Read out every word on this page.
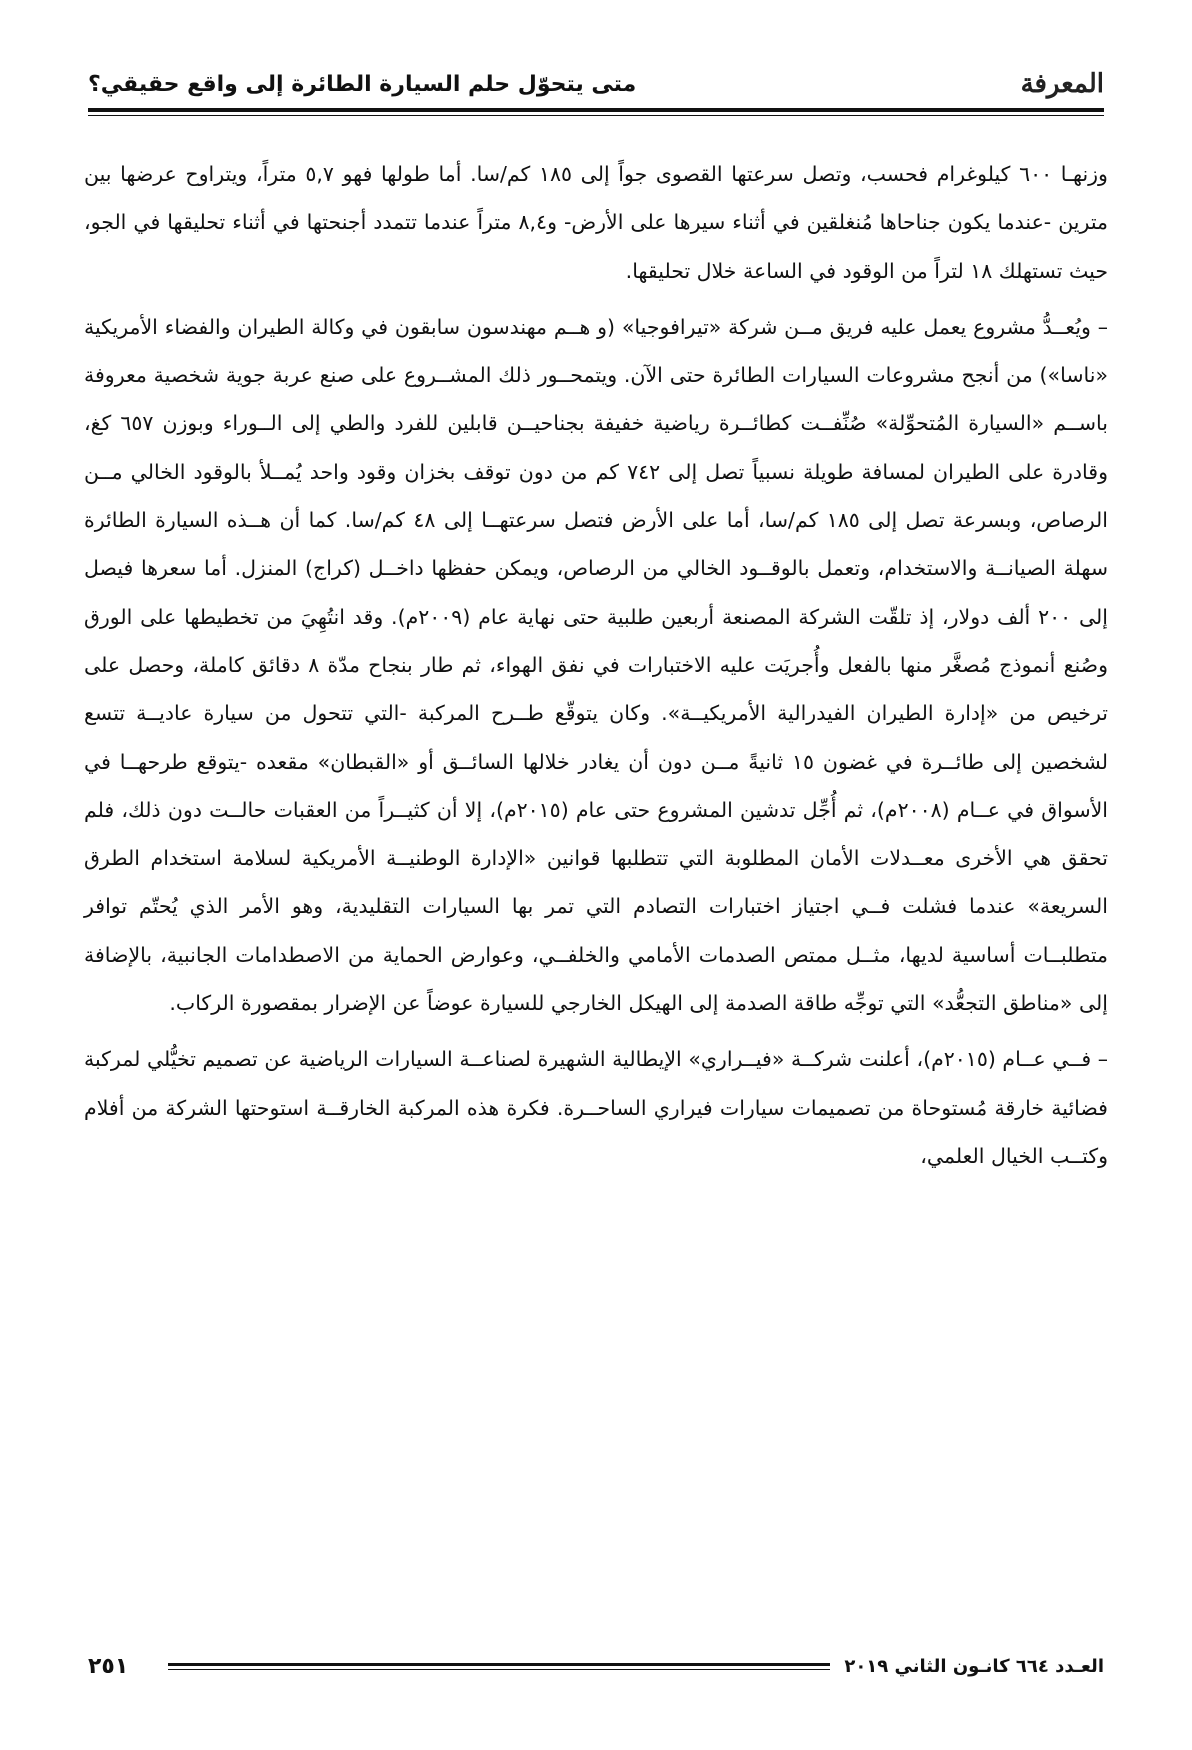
المعرفة
متى يتحوّل حلم السيارة الطائرة إلى واقع حقيقي؟

وزنهـا ٦٠٠ كيلوغرام فحسب، وتصل سرعتها القصوى جواً إلى ١٨٥ كم/سا. أما طولها فهو ٥,٧ متراً، ويتراوح عرضها بين مترين -عندما يكون جناحاها مُنغلقين في أثناء سيرها على الأرض- و٨,٤ متراً عندما تتمدد أجنحتها في أثناء تحليقها في الجو، حيث تستهلك ١٨ لتراً من الوقود في الساعة خلال تحليقها.

– ويُعــدُّ مشروع يعمل عليه فريق مــن شركة «تيرافوجيا» (و هــم مهندسون سابقون في وكالة الطيران والفضاء الأمريكية «ناسا») من أنجح مشروعات السيارات الطائرة حتى الآن. ويتمحــور ذلك المشــروع على صنع عربة جوية شخصية معروفة باســم «السيارة المُتحوِّلة» صُنِّفــت كطائــرة رياضية خفيفة بجناحيــن قابلين للفرد والطي إلى الــوراء وبوزن ٦٥٧ كغ، وقادرة على الطيران لمسافة طويلة نسبياً تصل إلى ٧٤٢ كم من دون توقف بخزان وقود واحد يُمــلأ بالوقود الخالي مــن الرصاص، وبسرعة تصل إلى ١٨٥ كم/سا، أما على الأرض فتصل سرعتهــا إلى ٤٨ كم/سا. كما أن هــذه السيارة الطائرة سهلة الصيانــة والاستخدام، وتعمل بالوقــود الخالي من الرصاص، ويمكن حفظها داخــل (كراج) المنزل. أما سعرها فيصل إلى ٢٠٠ ألف دولار، إذ تلقّت الشركة المصنعة أربعين طلبية حتى نهاية عام (٢٠٠٩م). وقد انتُهِيَ من تخطيطها على الورق وصُنع أنموذج مُصغَّر منها بالفعل وأُجريَت عليه الاختبارات في نفق الهواء، ثم طار بنجاح مدّة ٨ دقائق كاملة، وحصل على ترخيص من «إدارة الطيران الفيدرالية الأمريكيــة». وكان يتوقّع طــرح المركبة -التي تتحول من سيارة عاديــة تتسع لشخصين إلى طائــرة في غضون ١٥ ثانيةً مــن دون أن يغادر خلالها السائــق أو «القبطان» مقعده -يتوقع طرحهــا في الأسواق في عــام (٢٠٠٨م)، ثم أُجِّل تدشين المشروع حتى عام (٢٠١٥م)، إلا أن كثيــراً من العقبات حالــت دون ذلك، فلم تحقق هي الأخرى معــدلات الأمان المطلوبة التي تتطلبها قوانين «الإدارة الوطنيــة الأمريكية لسلامة استخدام الطرق السريعة» عندما فشلت فــي اجتياز اختبارات التصادم التي تمر بها السيارات التقليدية، وهو الأمر الذي يُحتّم توافر متطلبــات أساسية لديها، مثــل ممتص الصدمات الأمامي والخلفــي، وعوارض الحماية من الاصطدامات الجانبية، بالإضافة إلى «مناطق التجعُّد» التي توجِّه طاقة الصدمة إلى الهيكل الخارجي للسيارة عوضاً عن الإضرار بمقصورة الركاب.

– فــي عــام (٢٠١٥م)، أعلنت شركــة «فيــراري» الإيطالية الشهيرة لصناعــة السيارات الرياضية عن تصميم تخيُّلي لمركبة فضائية خارقة مُستوحاة من تصميمات سيارات فيراري الساحــرة. فكرة هذه المركبة الخارقــة استوحتها الشركة من أفلام وكتــب الخيال العلمي،

العـدد ٦٦٤ كانـون الثاني ٢٠١٩
٢٥١
